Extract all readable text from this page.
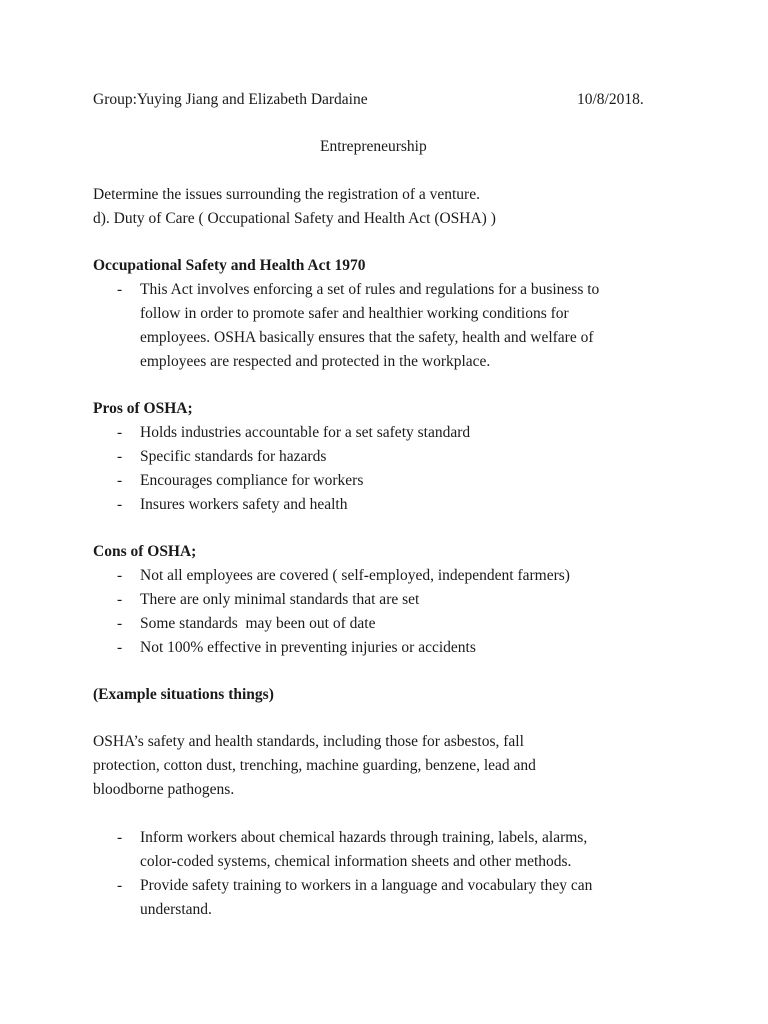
Group:Yuying Jiang and Elizabeth Dardaine	10/8/2018.
Entrepreneurship
Determine the issues surrounding the registration of a venture.
d). Duty of Care ( Occupational Safety and Health Act (OSHA) )
Occupational Safety and Health Act 1970
- This Act involves enforcing a set of rules and regulations for a business to
follow in order to promote safer and healthier working conditions for
employees. OSHA basically ensures that the safety, health and welfare of
employees are respected and protected in the workplace.
Pros of OSHA;
- Holds industries accountable for a set safety standard
- Specific standards for hazards
- Encourages compliance for workers
- Insures workers safety and health
Cons of OSHA;
- Not all employees are covered ( self-employed, independent farmers)
- There are only minimal standards that are set
- Some standards  may been out of date
- Not 100% effective in preventing injuries or accidents
(Example situations things)
OSHA’s safety and health standards, including those for asbestos, fall
protection, cotton dust, trenching, machine guarding, benzene, lead and
bloodborne pathogens.
- Inform workers about chemical hazards through training, labels, alarms,
color-coded systems, chemical information sheets and other methods.
- Provide safety training to workers in a language and vocabulary they can
understand.
